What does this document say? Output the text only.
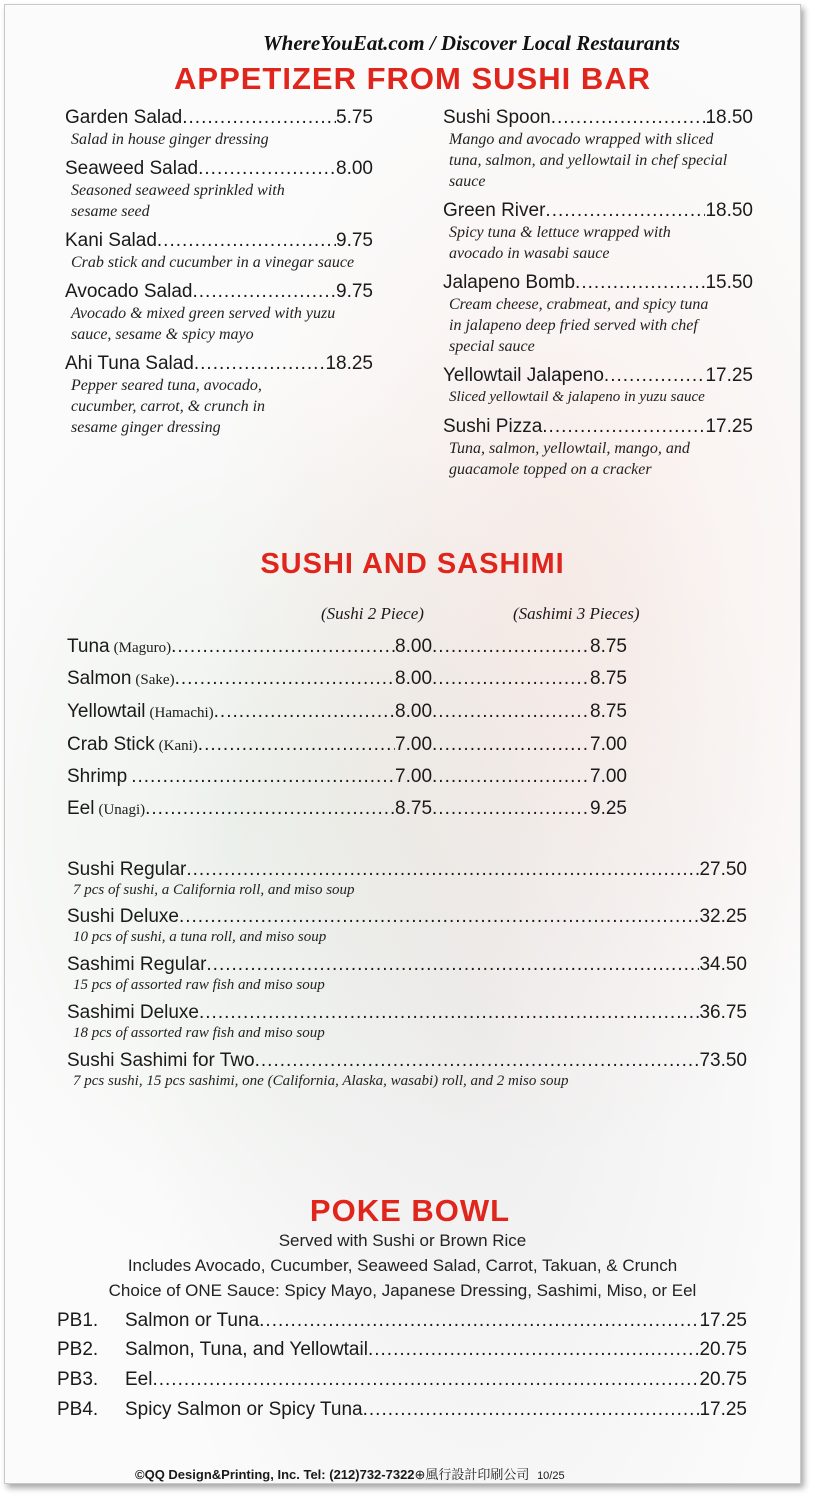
WhereYouEat.com / Discover Local Restaurants
APPETIZER FROM SUSHI BAR
Garden Salad .....	5.75
Salad in house ginger dressing
Seaweed Salad .....	8.00
Seasoned seaweed sprinkled with sesame seed
Kani Salad .....	9.75
Crab stick and cucumber in a vinegar sauce
Avocado Salad .....	9.75
Avocado & mixed green served with yuzu sauce, sesame & spicy mayo
Ahi Tuna Salad .....	18.25
Pepper seared tuna, avocado, cucumber, carrot, & crunch in sesame ginger dressing
Sushi Spoon .....	18.50
Mango and avocado wrapped with sliced tuna, salmon, and yellowtail in chef special sauce
Green River .....	18.50
Spicy tuna & lettuce wrapped with avocado in wasabi sauce
Jalapeno Bomb .....	15.50
Cream cheese, crabmeat, and spicy tuna in jalapeno deep fried served with chef special sauce
Yellowtail Jalapeno .....	17.25
Sliced yellowtail & jalapeno in yuzu sauce
Sushi Pizza .....	17.25
Tuna, salmon, yellowtail, mango, and guacamole topped on a cracker
SUSHI AND SASHIMI
(Sushi 2 Piece)	(Sashimi 3 Pieces)
Tuna (Maguro) .....	8.00 .....	8.75
Salmon (Sake) .....	8.00 .....	8.75
Yellowtail (Hamachi) .....	8.00 .....	8.75
Crab Stick (Kani) .....	7.00 .....	7.00
Shrimp .....	7.00 .....	7.00
Eel (Unagi) .....	8.75 .....	9.25
Sushi Regular .....	27.50
7 pcs of sushi, a California roll, and miso soup
Sushi Deluxe .....	32.25
10 pcs of sushi, a tuna roll, and miso soup
Sashimi Regular .....	34.50
15 pcs of assorted raw fish and miso soup
Sashimi Deluxe .....	36.75
18 pcs of assorted raw fish and miso soup
Sushi Sashimi for Two .....	73.50
7 pcs sushi, 15 pcs sashimi, one (California, Alaska, wasabi) roll, and 2 miso soup
POKE BOWL
Served with Sushi or Brown Rice
Includes Avocado, Cucumber, Seaweed Salad, Carrot, Takuan, & Crunch
Choice of ONE Sauce: Spicy Mayo, Japanese Dressing, Sashimi, Miso, or Eel
PB1.	Salmon or Tuna .....	17.25
PB2.	Salmon, Tuna, and Yellowtail .....	20.75
PB3.	Eel .....	20.75
PB4.	Spicy Salmon or Spicy Tuna .....	17.25
©QQ Design&Printing, Inc. Tel: (212)732-7322⊕風行設計印刷公司 10/25
